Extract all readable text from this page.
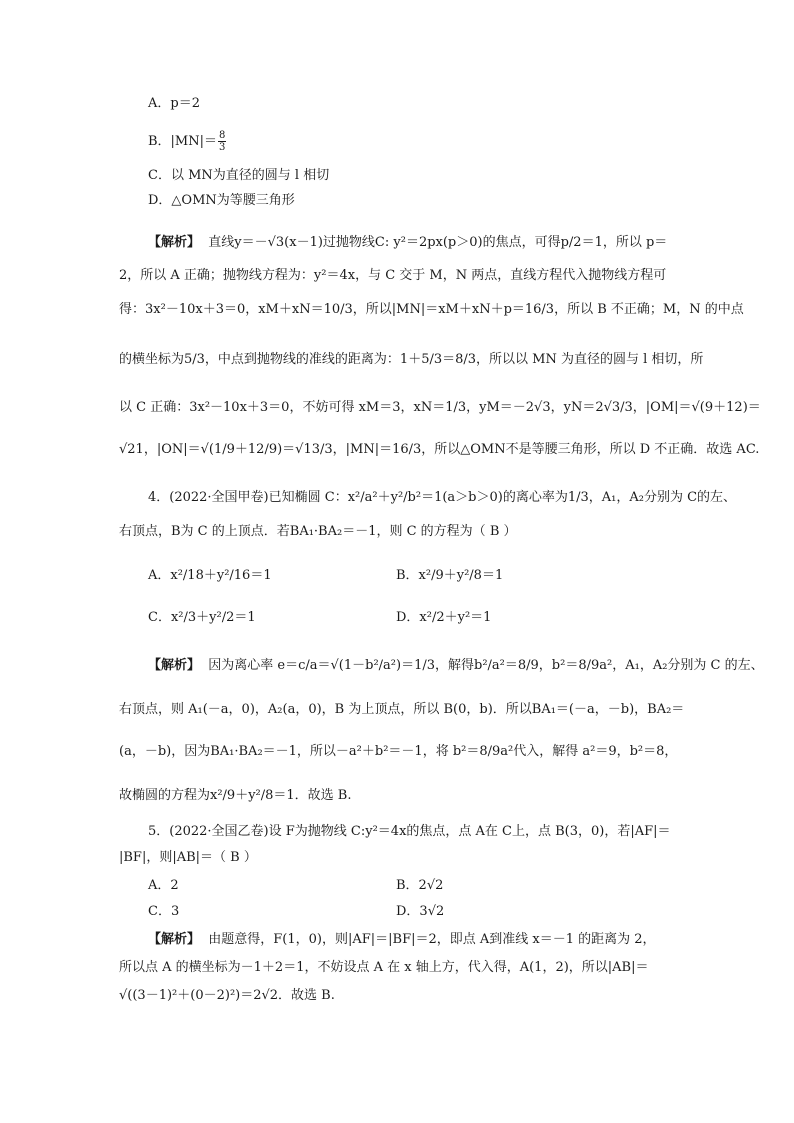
A．p＝2
B．$|MN|= \frac{8}{3}$
C．以 MN为直径的圆与 l 相切
D．△OMN为等腰三角形
【解析】 直线y＝－√3(x－1)过抛物线C: y²＝2px(p＞0)的焦点，可得p/2＝1，所以 p＝
2，所以 A 正确；抛物线方程为：y²＝4x，与 C 交于 M，N 两点，直线方程代入抛物线方程可
得：3x²－10x＋3＝0，xM＋xN＝10/3，所以|MN|＝xM＋xN＋p＝16/3，所以 B 不正确；M，N 的中点
的横坐标为5/3，中点到抛物线的准线的距离为：1＋5/3＝8/3，所以以 MN 为直径的圆与 l 相切，所
以 C 正确：3x²－10x＋3＝0，不妨可得 xM＝3，xN＝1/3，yM＝－2√3，yN＝2√3/3，|OM|＝√(9＋12)＝
√21，|ON|＝√(1/9＋12/9)＝√13/3，|MN|＝16/3，所以△OMN不是等腰三角形，所以 D 不正确．故选 AC.
4．(2022·全国甲卷)已知椭圆 C：x²/a²＋y²/b²＝1(a＞b＞0)的离心率为1/3，A₁，A₂分别为 C的左、
右顶点，B为 C 的上顶点．若BA₁·BA₂＝－1，则 C 的方程为（ B ）
A．x²/18＋y²/16＝1	B．x²/9＋y²/8＝1
C．x²/3＋y²/2＝1	D．x²/2＋y²＝1
【解析】 因为离心率 e＝c/a＝√(1－b²/a²)＝1/3，解得b²/a²＝8/9，b²＝8/9a²，A₁，A₂分别为 C 的左、
右顶点，则 A₁(－a，0)，A₂(a，0)，B 为上顶点，所以 B(0，b)．所以BA₁＝(－a，－b)，BA₂＝
(a，－b)，因为BA₁·BA₂＝－1，所以－a²＋b²＝－1，将 b²＝8/9a²代入，解得 a²＝9，b²＝8，
故椭圆的方程为x²/9＋y²/8＝1．故选 B.
5．(2022·全国乙卷)设 F为抛物线 C:y²＝4x的焦点，点 A在 C上，点 B(3，0)，若|AF|＝
|BF|，则|AB|＝（ B ）
A．2	B．2√2
C．3	D．3√2
【解析】 由题意得，F(1，0)，则|AF|＝|BF|＝2，即点 A到准线 x＝－1 的距离为 2，
所以点 A 的横坐标为－1＋2＝1，不妨设点 A 在 x 轴上方，代入得，A(1，2)，所以|AB|＝
√((3－1)²＋(0－2)²)＝2√2．故选 B.
